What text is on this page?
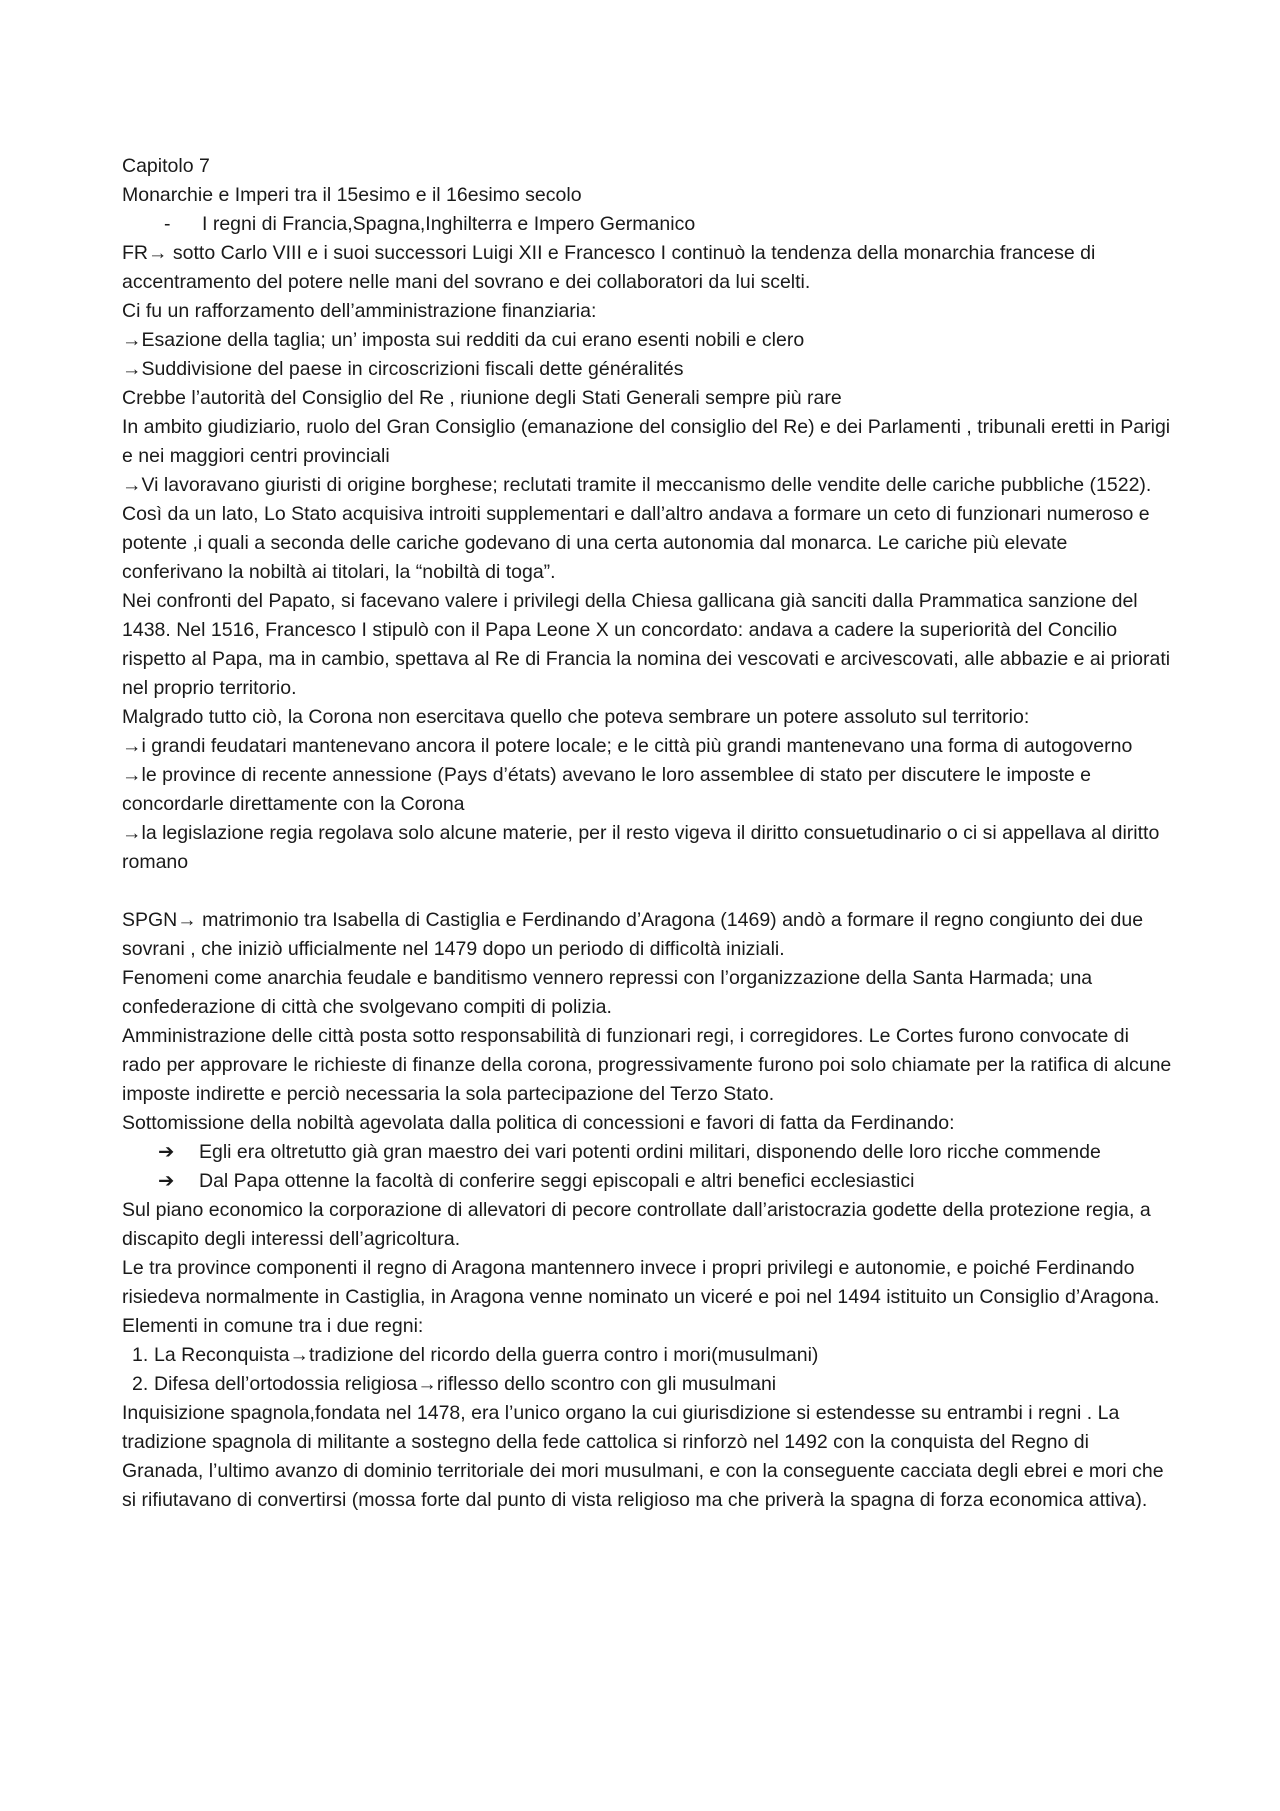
Capitolo 7

Monarchie e Imperi tra il 15esimo e il 16esimo secolo

-	I regni di Francia,Spagna,Inghilterra e Impero Germanico

FR→ sotto Carlo VIII e i suoi successori Luigi XII e Francesco I continuò la tendenza della monarchia francese di accentramento del potere nelle mani del sovrano e dei collaboratori da lui scelti.

Ci fu un rafforzamento dell’amministrazione finanziaria:

→Esazione della taglia; un’ imposta sui redditi da cui erano esenti nobili e clero

→Suddivisione del paese in circoscrizioni fiscali dette généralités

Crebbe l’autorità del Consiglio del Re , riunione degli Stati Generali sempre più rare

In ambito giudiziario, ruolo del Gran Consiglio (emanazione del consiglio del Re) e dei Parlamenti , tribunali eretti in Parigi e nei maggiori centri provinciali

→Vi lavoravano giuristi di origine borghese; reclutati tramite il meccanismo delle vendite delle cariche pubbliche (1522). Così da un lato, Lo Stato acquisiva introiti supplementari e dall’altro andava a formare un ceto di funzionari numeroso e potente ,i quali a seconda delle cariche godevano di una certa autonomia dal monarca. Le cariche più elevate conferivano la nobiltà ai titolari, la “nobiltà di toga”.

Nei confronti del Papato, si facevano valere i privilegi della Chiesa gallicana già sanciti dalla Prammatica sanzione del 1438. Nel 1516, Francesco I stipulò con il Papa Leone X un concordato: andava a cadere la superiorità del Concilio rispetto al Papa, ma in cambio, spettava al Re di Francia la nomina dei vescovati e arcivescovati, alle abbazie e ai priorati nel proprio territorio.

Malgrado tutto ciò, la Corona non esercitava quello che poteva sembrare un potere assoluto sul territorio:

→i grandi feudatari mantenevano ancora il potere locale; e le città più grandi mantenevano una forma di autogoverno

→le province di recente annessione (Pays d’états) avevano le loro assemblee di stato per discutere le imposte e concordarle direttamente con la Corona

→la legislazione regia regolava solo alcune materie, per il resto vigeva il diritto consuetudinario o ci si appellava al diritto romano

SPGN→ matrimonio tra Isabella di Castiglia e Ferdinando d’Aragona (1469) andò a formare il regno congiunto dei due sovrani , che iniziò ufficialmente nel 1479 dopo un periodo di difficoltà iniziali.

Fenomeni come anarchia feudale e banditismo vennero repressi con l’organizzazione della Santa Harmada; una confederazione di città che svolgevano compiti di polizia.

Amministrazione delle città posta sotto responsabilità di funzionari regi, i corregidores. Le Cortes furono convocate di rado per approvare le richieste di finanze della corona, progressivamente furono poi solo chiamate per la ratifica di alcune imposte indirette e perciò necessaria la sola partecipazione del Terzo Stato.

Sottomissione della nobiltà agevolata dalla politica di concessioni e favori di fatta da Ferdinando:

➔	Egli era oltretutto già gran maestro dei vari potenti ordini militari, disponendo delle loro ricche commende
➔	Dal Papa ottenne la facoltà di conferire seggi episcopali e altri benefici ecclesiastici

Sul piano economico la corporazione di allevatori di pecore controllate dall’aristocrazia godette della protezione regia, a discapito degli interessi dell’agricoltura.

Le tra province componenti il regno di Aragona mantennero invece i propri privilegi e autonomie, e poiché Ferdinando risiedeva normalmente in Castiglia, in Aragona venne nominato un viceré e poi nel 1494 istituito un Consiglio d’Aragona.

Elementi in comune tra i due regni:

1. La Reconquista→tradizione del ricordo della guerra contro i mori(musulmani)
2. Difesa dell’ortodossia religiosa→riflesso dello scontro con gli musulmani

Inquisizione spagnola,fondata nel 1478, era l’unico organo la cui giurisdizione si estendesse su entrambi i regni . La tradizione spagnola di militante a sostegno della fede cattolica si rinforzò nel 1492 con la conquista del Regno di Granada, l’ultimo avanzo di dominio territoriale dei mori musulmani, e con la conseguente cacciata degli ebrei e mori che si rifiutavano di convertirsi (mossa forte dal punto di vista religioso ma che priverà la spagna di forza economica attiva).
